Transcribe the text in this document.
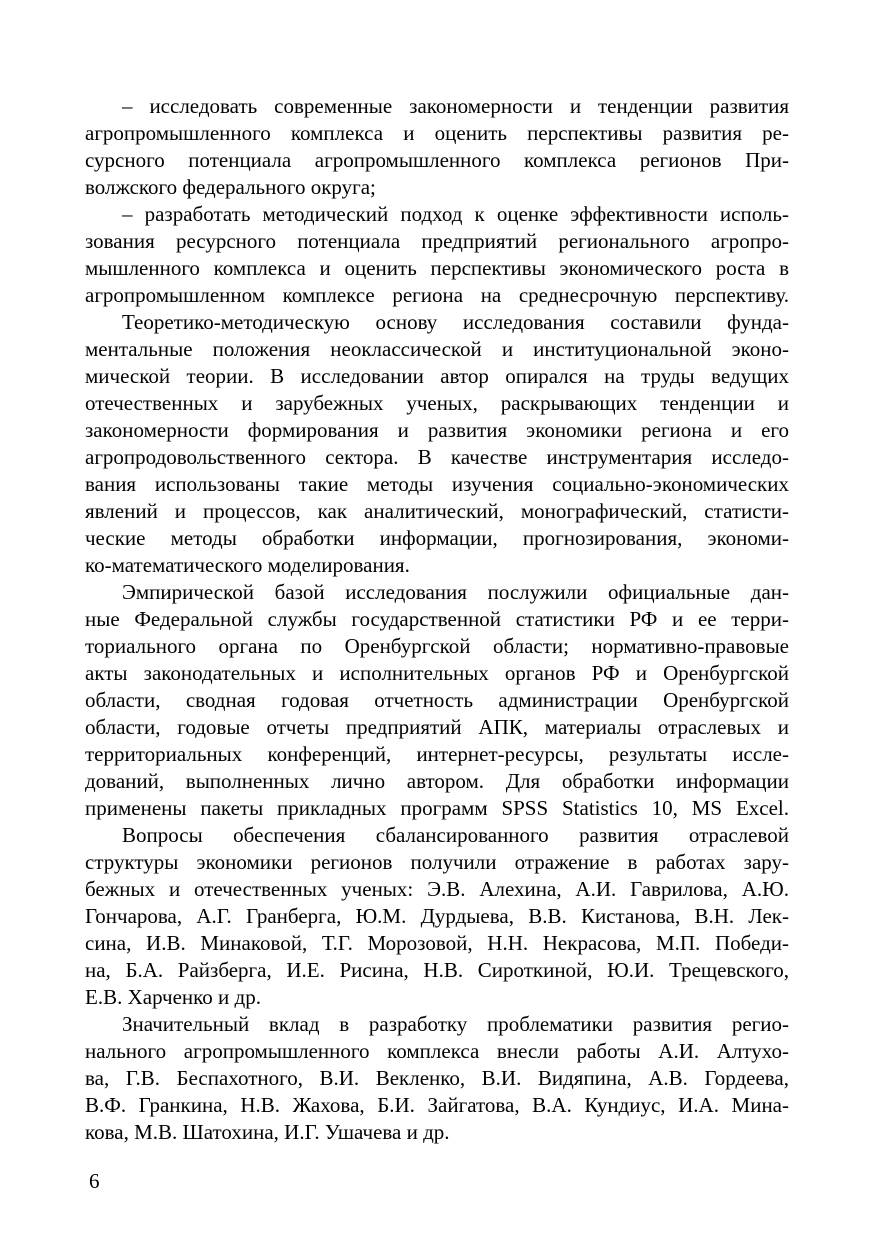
– исследовать современные закономерности и тенденции развития
агропромышленного комплекса и оценить перспективы развития ре-
сурсного потенциала агропромышленного комплекса регионов При-
волжского федерального округа;
– разработать методический подход к оценке эффективности исполь-
зования ресурсного потенциала предприятий регионального агропро-
мышленного комплекса и оценить перспективы экономического роста в
агропромышленном комплексе региона на среднесрочную перспективу.
Теоретико-методическую основу исследования составили фунда-
ментальные положения неоклассической и институциональной эконо-
мической теории. В исследовании автор опирался на труды ведущих
отечественных и зарубежных ученых, раскрывающих тенденции и
закономерности формирования и развития экономики региона и его
агропродовольственного сектора. В качестве инструментария исследо-
вания использованы такие методы изучения социально-экономических
явлений и процессов, как аналитический, монографический, статисти-
ческие методы обработки информации, прогнозирования, экономи-
ко-математического моделирования.
Эмпирической базой исследования послужили официальные дан-
ные Федеральной службы государственной статистики РФ и ее терри-
ториального органа по Оренбургской области; нормативно-правовые
акты законодательных и исполнительных органов РФ и Оренбургской
области, сводная годовая отчетность администрации Оренбургской
области, годовые отчеты предприятий АПК, материалы отраслевых и
территориальных конференций, интернет-ресурсы, результаты иссле-
дований, выполненных лично автором. Для обработки информации
применены пакеты прикладных программ SPSS Statistics 10, MS Excel.
Вопросы обеспечения сбалансированного развития отраслевой
структуры экономики регионов получили отражение в работах зару-
бежных и отечественных ученых: Э.В. Алехина, А.И. Гаврилова, А.Ю.
Гончарова, А.Г. Гранберга, Ю.М. Дурдыева, В.В. Кистанова, В.Н. Лек-
сина, И.В. Минаковой, Т.Г. Морозовой, Н.Н. Некрасова, М.П. Победи-
на, Б.А. Райзберга, И.Е. Рисина, Н.В. Сироткиной, Ю.И. Трещевского,
Е.В. Харченко и др.
Значительный вклад в разработку проблематики развития регио-
нального агропромышленного комплекса внесли работы А.И. Алтухо-
ва, Г.В. Беспахотного, В.И. Векленко, В.И. Видяпина, А.В. Гордеева,
В.Ф. Гранкина, Н.В. Жахова, Б.И. Зайгатова, В.А. Кундиус, И.А. Мина-
кова, М.В. Шатохина, И.Г. Ушачева и др.
6
